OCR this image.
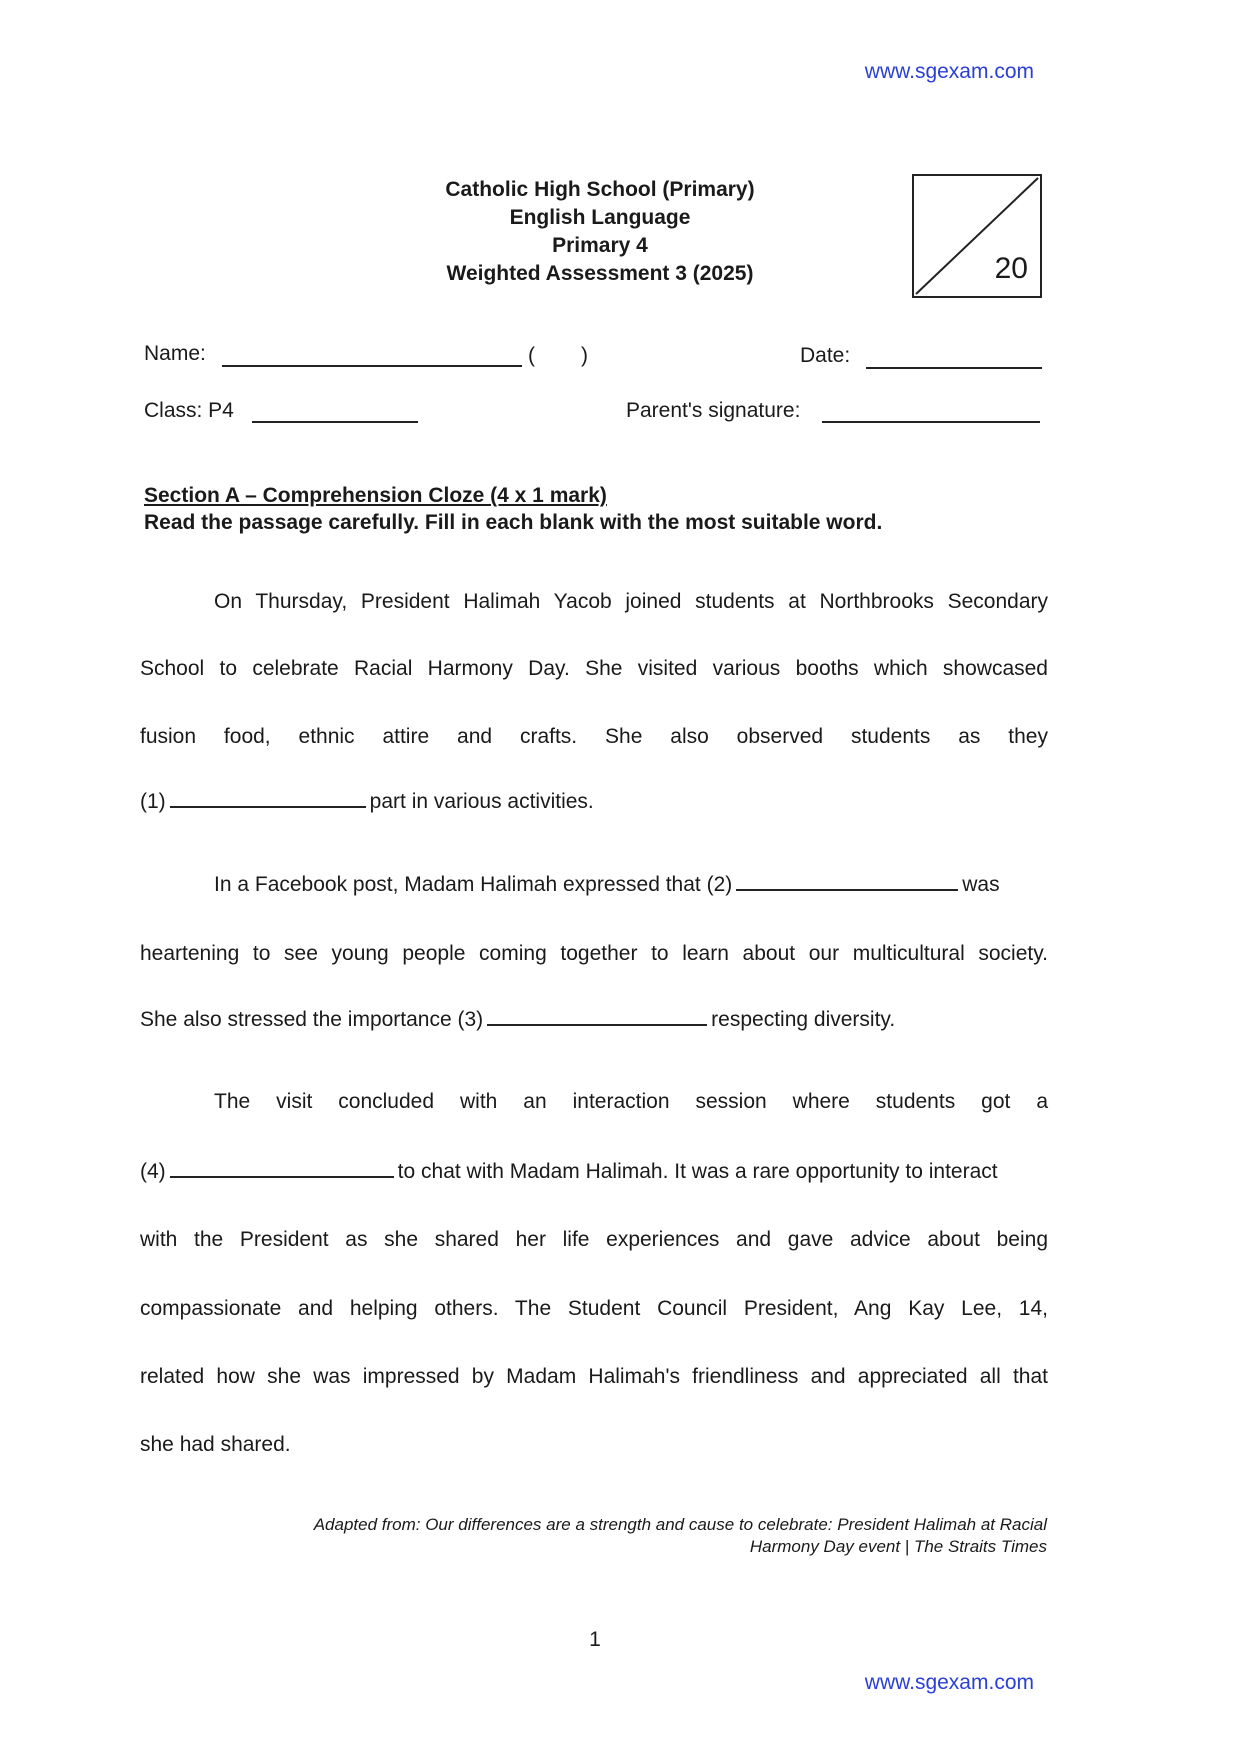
www.sgexam.com
Catholic High School (Primary)
English Language
Primary 4
Weighted Assessment 3 (2025)	20
Name:	( )	Date:
Class: P4	Parent's signature:
Section A – Comprehension Cloze (4 x 1 mark)
Read the passage carefully. Fill in each blank with the most suitable word.
On Thursday, President Halimah Yacob joined students at Northbrooks Secondary
School to celebrate Racial Harmony Day. She visited various booths which showcased
fusion food, ethnic attire and crafts. She also observed students as they
(1)	part in various activities.
In a Facebook post, Madam Halimah expressed that (2)	was
heartening to see young people coming together to learn about our multicultural society.
She also stressed the importance (3)	respecting diversity.
The visit concluded with an interaction session where students got a
(4)	to chat with Madam Halimah. It was a rare opportunity to interact
with the President as she shared her life experiences and gave advice about being
compassionate and helping others. The Student Council President, Ang Kay Lee, 14,
related how she was impressed by Madam Halimah's friendliness and appreciated all that
she had shared.
Adapted from: Our differences are a strength and cause to celebrate: President Halimah at Racial
Harmony Day event | The Straits Times
1
www.sgexam.com
